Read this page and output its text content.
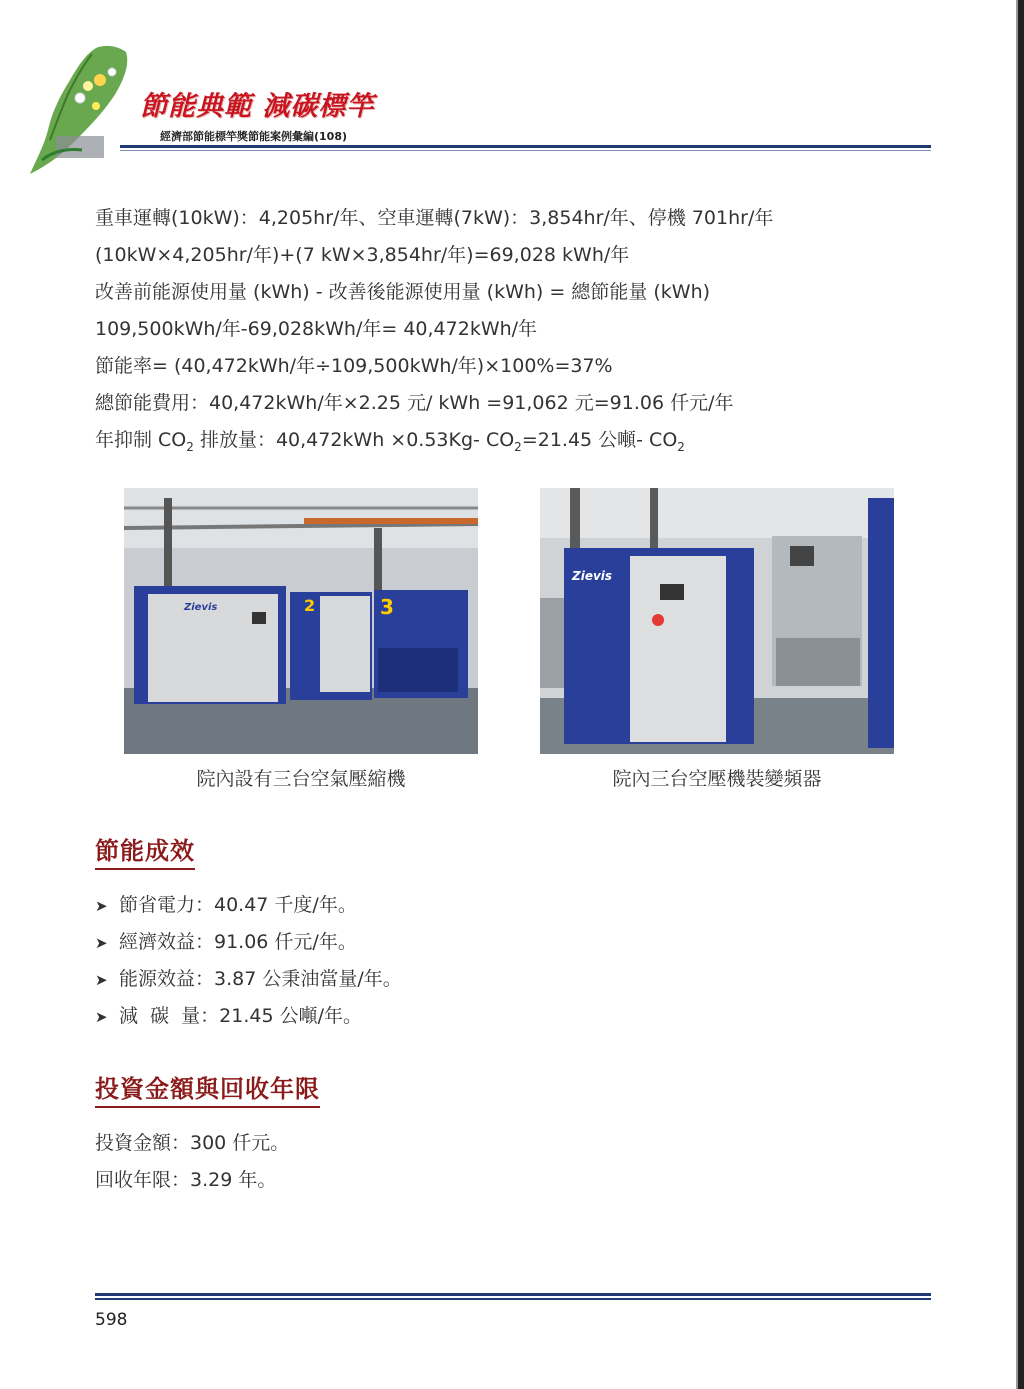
節能典範 減碳標竿
經濟部節能標竿獎節能案例彙編(108)
重車運轉(10kW)：4,205hr/年、空車運轉(7kW)：3,854hr/年、停機 701hr/年
(10kW×4,205hr/年)+(7 kW×3,854hr/年)=69,028 kWh/年
改善前能源使用量 (kWh) - 改善後能源使用量 (kWh) = 總節能量 (kWh)
109,500kWh/年-69,028kWh/年= 40,472kWh/年
節能率= (40,472kWh/年÷109,500kWh/年)×100%=37%
總節能費用：40,472kWh/年×2.25 元/ kWh =91,062 元=91.06 仟元/年
年抑制 $CO_2$ 排放量：40,472kWh ×0.53Kg- $CO_2=21.45$ 公噸- $CO_2$
Zievis	2	3
院內設有三台空氣壓縮機
Zievis
院內三台空壓機裝變頻器
節能成效
➤ 節省電力：40.47 千度/年。
➤ 經濟效益：91.06 仟元/年。
➤ 能源效益：3.87 公秉油當量/年。
➤ 減  碳  量：21.45 公噸/年。
投資金額與回收年限
投資金額：300 仟元。
回收年限：3.29 年。
598
